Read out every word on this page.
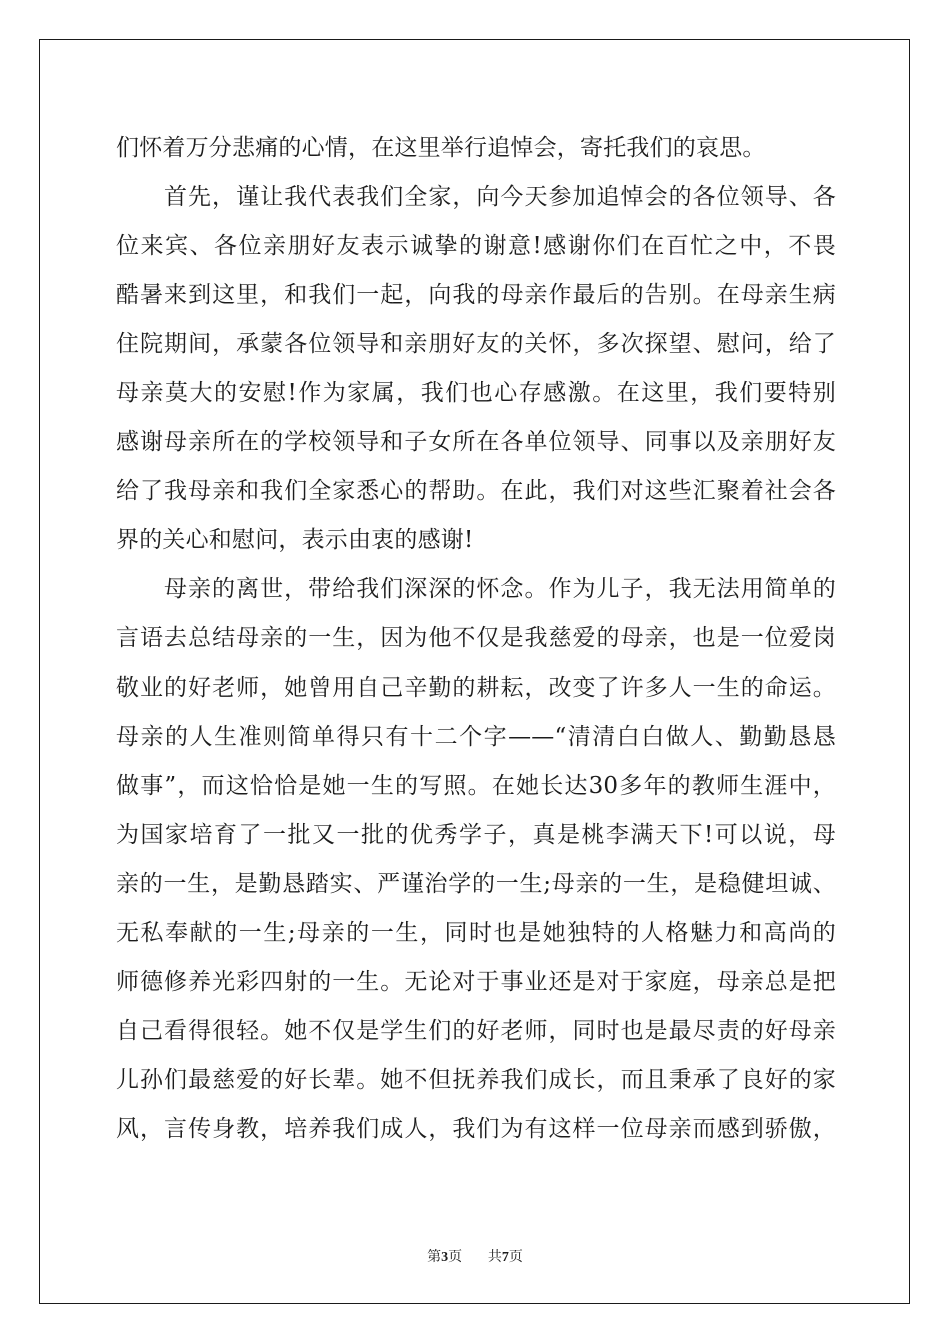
们怀着万分悲痛的心情，在这里举行追悼会，寄托我们的哀思。
首先，谨让我代表我们全家，向今天参加追悼会的各位领导、各
位来宾、各位亲朋好友表示诚挚的谢意!感谢你们在百忙之中，不畏
酷暑来到这里，和我们一起，向我的母亲作最后的告别。在母亲生病
住院期间，承蒙各位领导和亲朋好友的关怀，多次探望、慰问，给了
母亲莫大的安慰!作为家属，我们也心存感激。在这里，我们要特别
感谢母亲所在的学校领导和子女所在各单位领导、同事以及亲朋好友
给了我母亲和我们全家悉心的帮助。在此，我们对这些汇聚着社会各
界的关心和慰问，表示由衷的感谢!
母亲的离世，带给我们深深的怀念。作为儿子，我无法用简单的
言语去总结母亲的一生，因为他不仅是我慈爱的母亲，也是一位爱岗
敬业的好老师，她曾用自己辛勤的耕耘，改变了许多人一生的命运。
母亲的人生准则简单得只有十二个字——“清清白白做人、勤勤恳恳
做事”，而这恰恰是她一生的写照。在她长达30多年的教师生涯中，
为国家培育了一批又一批的优秀学子，真是桃李满天下!可以说，母
亲的一生，是勤恳踏实、严谨治学的一生;母亲的一生，是稳健坦诚、
无私奉献的一生;母亲的一生，同时也是她独特的人格魅力和高尚的
师德修养光彩四射的一生。无论对于事业还是对于家庭，母亲总是把
自己看得很轻。她不仅是学生们的好老师，同时也是最尽责的好母亲
儿孙们最慈爱的好长辈。她不但抚养我们成长，而且秉承了良好的家
风，言传身教，培养我们成人，我们为有这样一位母亲而感到骄傲，
第3页 共7页
